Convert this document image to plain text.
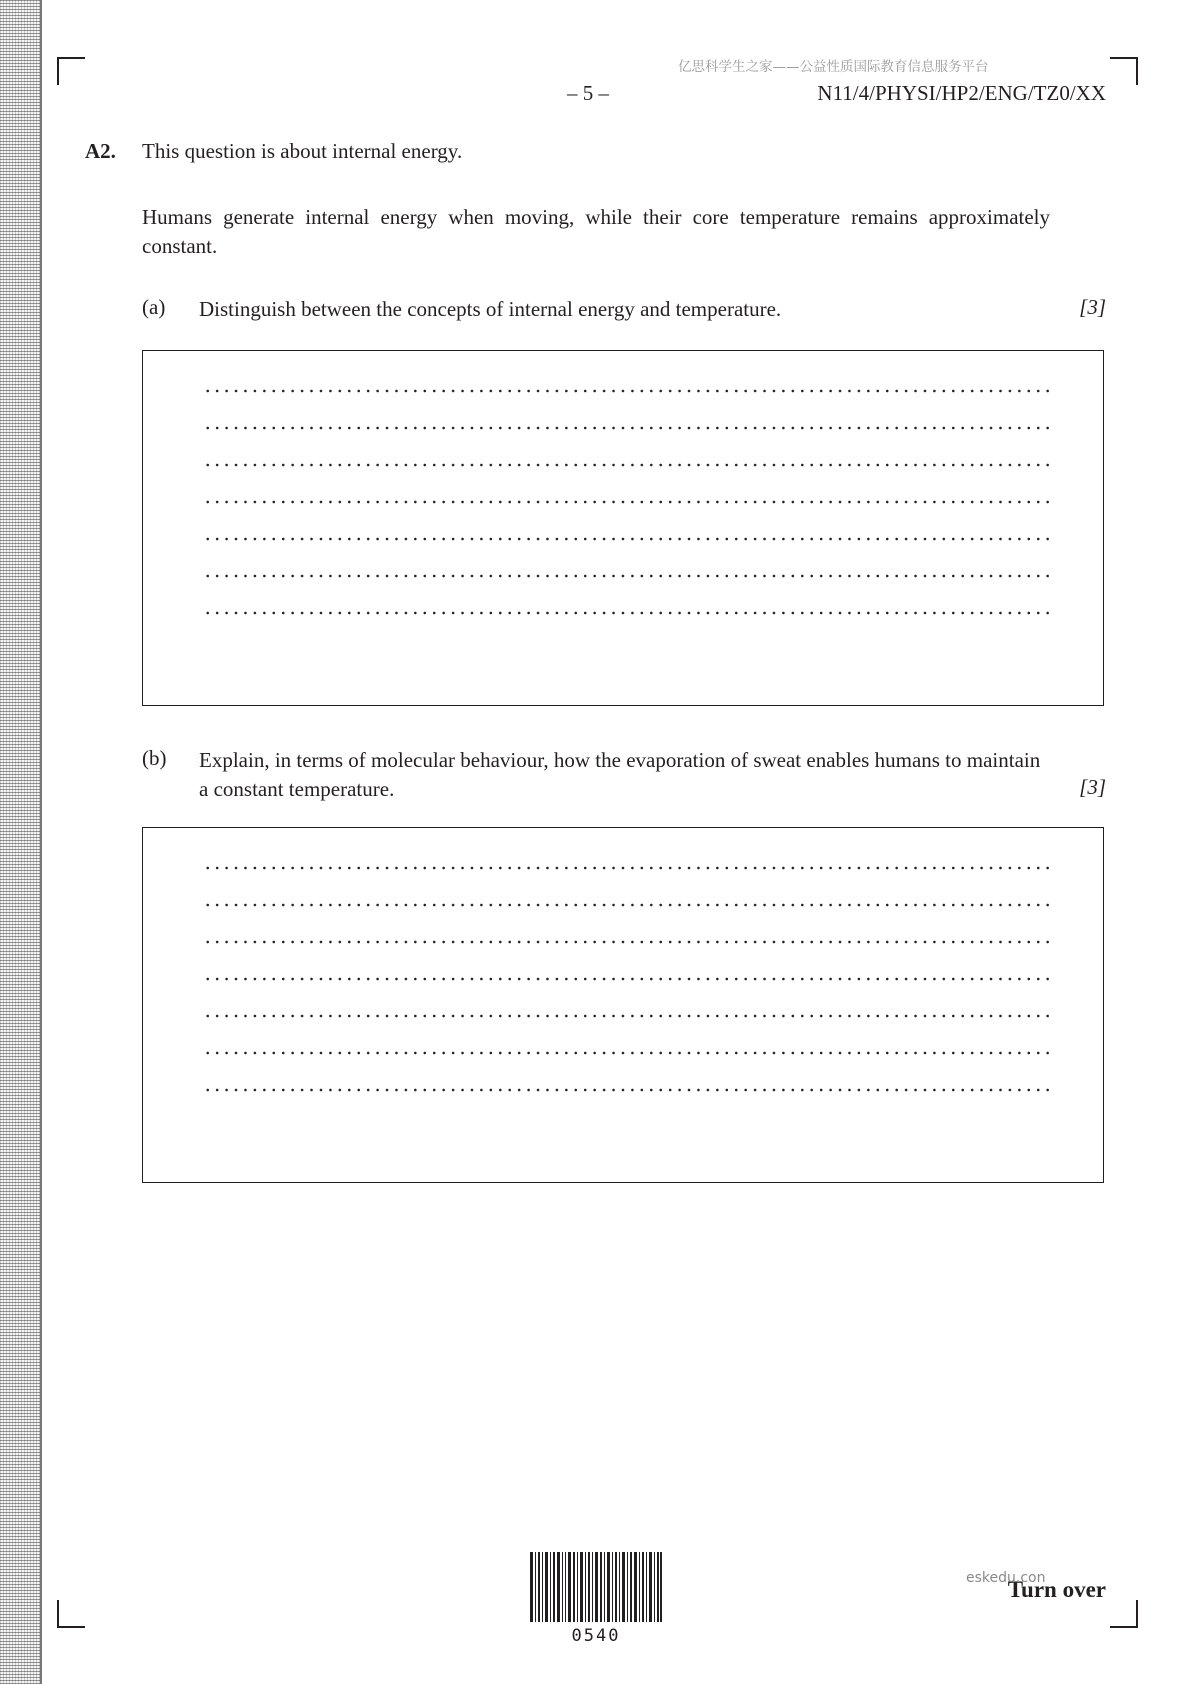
亿思科学生之家——公益性质国际教育信息服务平台
– 5 –	N11/4/PHYSI/HP2/ENG/TZ0/XX
A2. This question is about internal energy.
Humans generate internal energy when moving, while their core temperature remains approximately constant.
(a) Distinguish between the concepts of internal energy and temperature.	[3]
(b) Explain, in terms of molecular behaviour, how the evaporation of sweat enables humans to maintain a constant temperature.	[3]
0540
Turn over
eskedu.con
